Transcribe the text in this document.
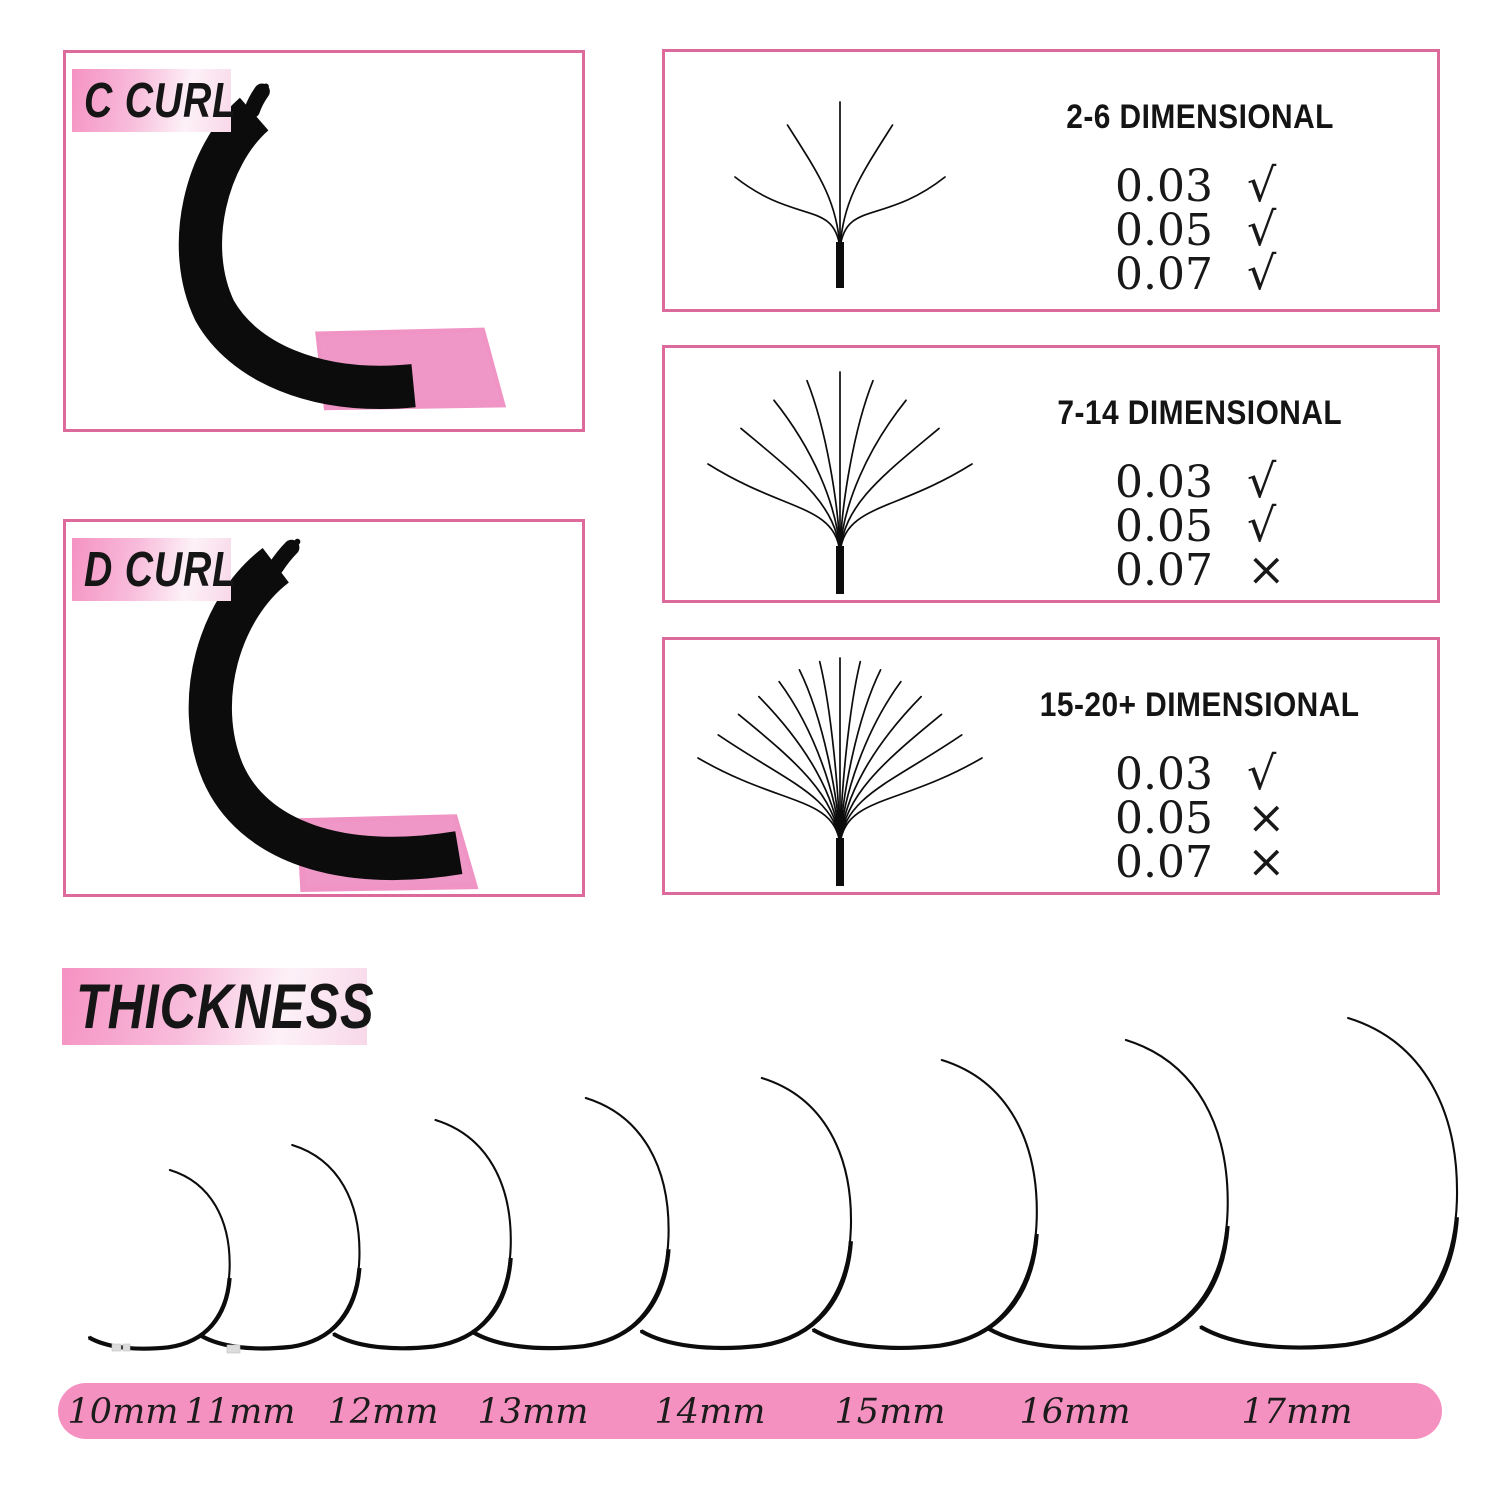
C CURL
D CURL
2-6 DIMENSIONAL
0.03 √
0.05 √
0.07 √
7-14 DIMENSIONAL
0.03 √
0.05 √
0.07 ×
15-20+ DIMENSIONAL
0.03 √
0.05 ×
0.07 ×
THICKNESS
10mm 11mm 12mm 13mm 14mm 15mm 16mm	17mm
